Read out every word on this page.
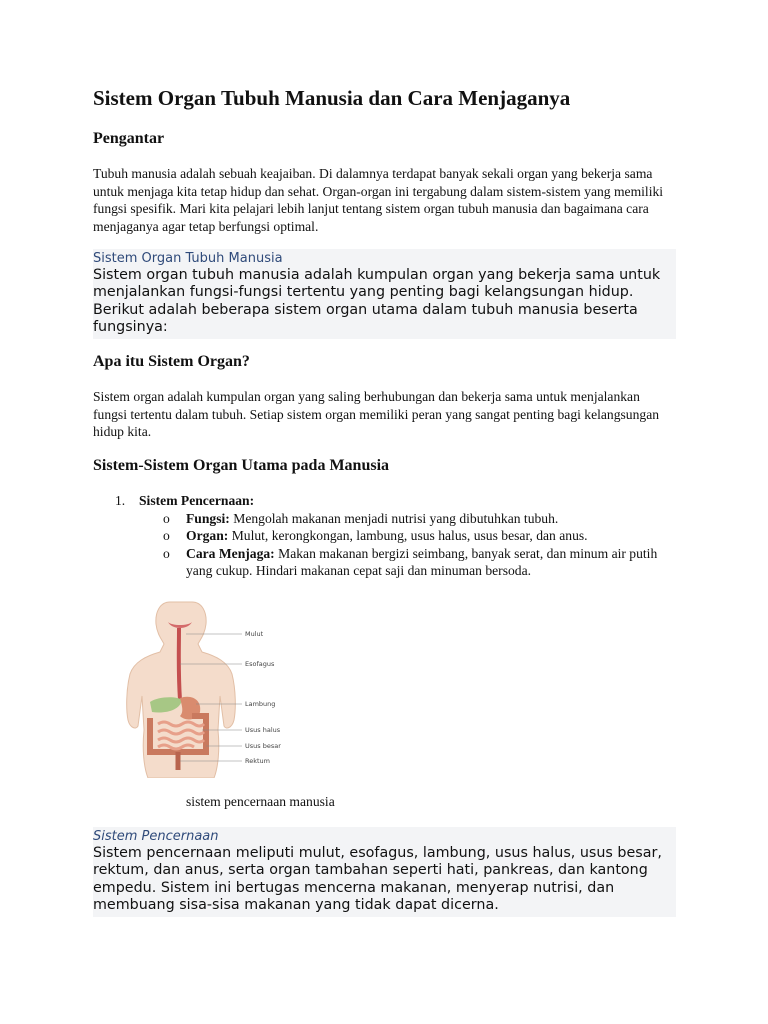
Sistem Organ Tubuh Manusia dan Cara Menjaganya
Pengantar

Tubuh manusia adalah sebuah keajaiban. Di dalamnya terdapat banyak sekali organ yang bekerja sama untuk menjaga kita tetap hidup dan sehat. Organ-organ ini tergabung dalam sistem-sistem yang memiliki fungsi spesifik. Mari kita pelajari lebih lanjut tentang sistem organ tubuh manusia dan bagaimana cara menjaganya agar tetap berfungsi optimal.

Sistem Organ Tubuh Manusia
Sistem organ tubuh manusia adalah kumpulan organ yang bekerja sama untuk menjalankan fungsi-fungsi tertentu yang penting bagi kelangsungan hidup. Berikut adalah beberapa sistem organ utama dalam tubuh manusia beserta fungsinya:
Apa itu Sistem Organ?

Sistem organ adalah kumpulan organ yang saling berhubungan dan bekerja sama untuk menjalankan fungsi tertentu dalam tubuh. Setiap sistem organ memiliki peran yang sangat penting bagi kelangsungan hidup kita.

Sistem-Sistem Organ Utama pada Manusia
1. Sistem Pencernaan:
o Fungsi: Mengolah makanan menjadi nutrisi yang dibutuhkan tubuh.
o Organ: Mulut, kerongkongan, lambung, usus halus, usus besar, dan anus.
o Cara Menjaga: Makan makanan bergizi seimbang, banyak serat, dan minum air putih yang cukup. Hindari makanan cepat saji dan minuman bersoda.
Mulut
Esofagus
Lambung
Usus halus
Usus besar
Rektum
sistem pencernaan manusia
Sistem Pencernaan
Sistem pencernaan meliputi mulut, esofagus, lambung, usus halus, usus besar, rektum, dan anus, serta organ tambahan seperti hati, pankreas, dan kantong empedu. Sistem ini bertugas mencerna makanan, menyerap nutrisi, dan membuang sisa-sisa makanan yang tidak dapat dicerna.
